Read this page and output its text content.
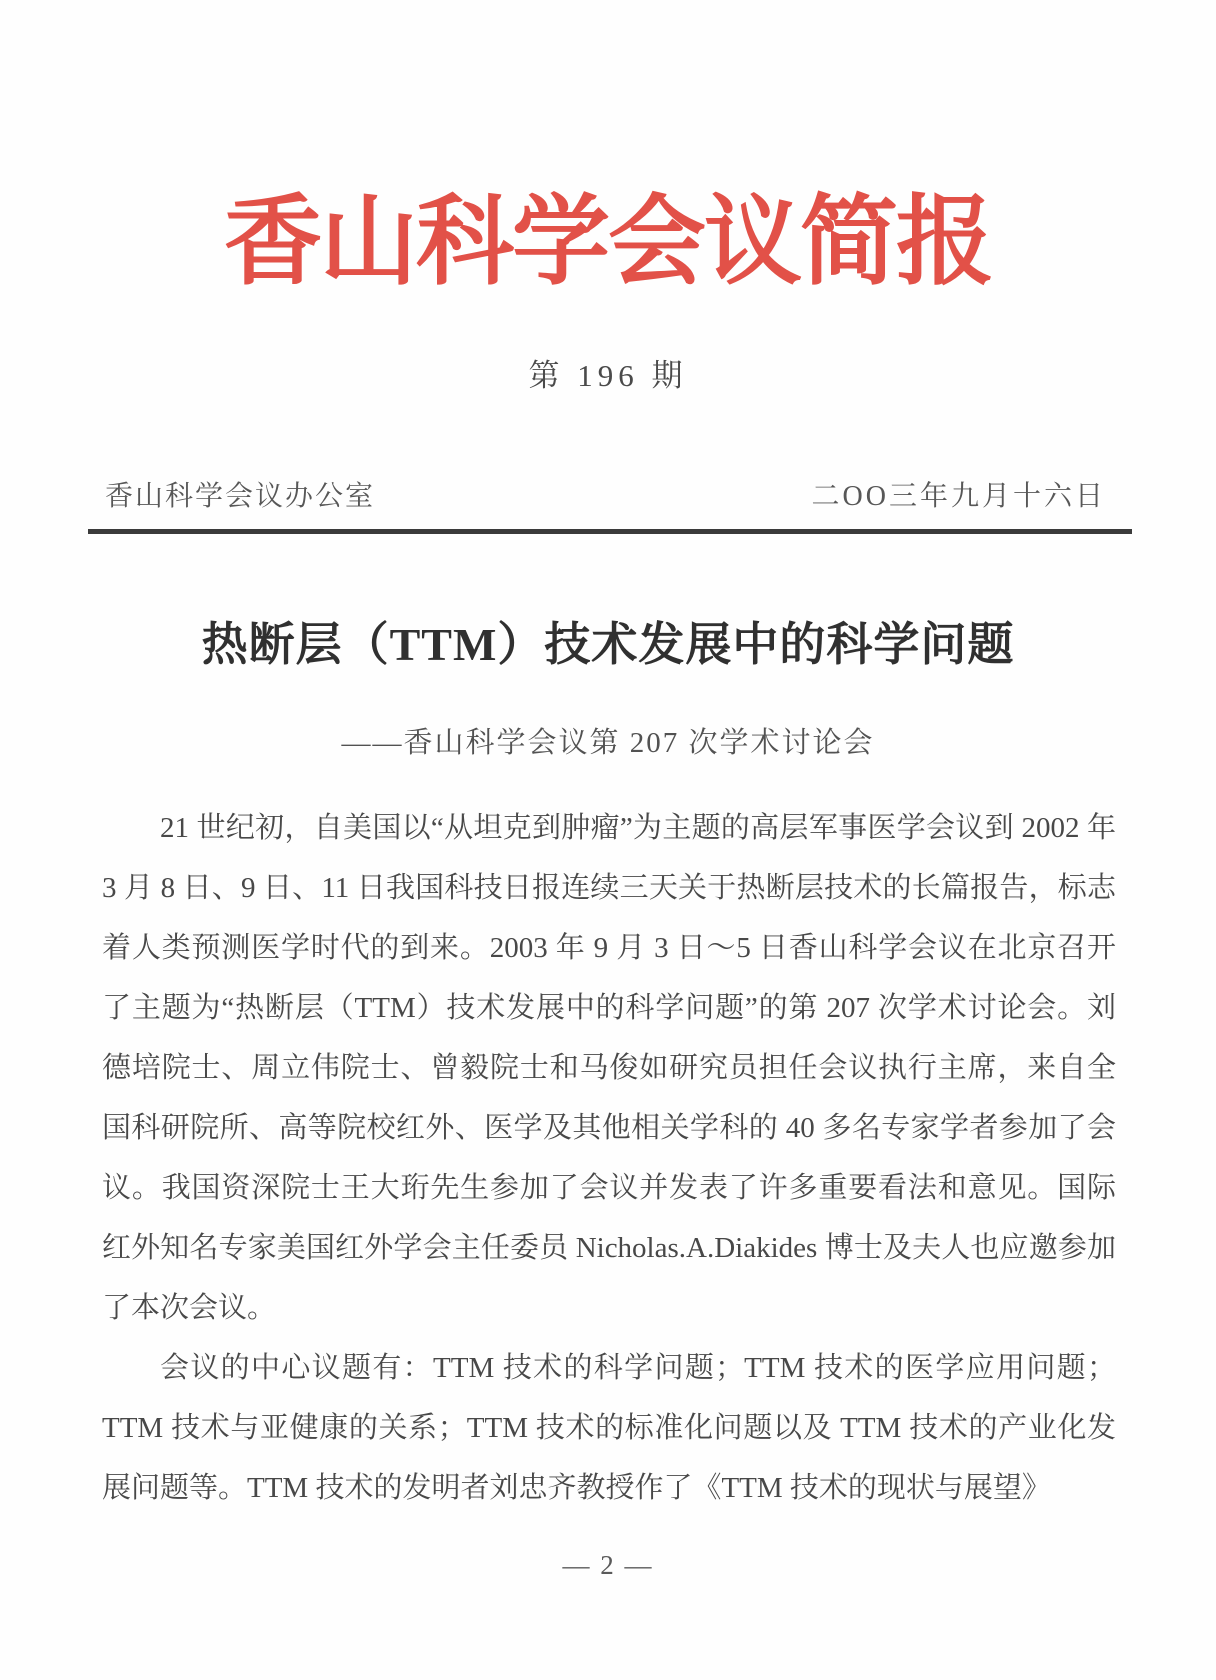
香山科学会议简报
第 196 期
香山科学会议办公室	二OO三年九月十六日
热断层（TTM）技术发展中的科学问题
——香山科学会议第 207 次学术讨论会

21 世纪初，自美国以“从坦克到肿瘤”为主题的高层军事医学会议到 2002 年 3 月 8 日、9 日、11 日我国科技日报连续三天关于热断层技术的长篇报告，标志着人类预测医学时代的到来。2003 年 9 月 3 日～5 日香山科学会议在北京召开了主题为“热断层（TTM）技术发展中的科学问题”的第 207 次学术讨论会。刘德培院士、周立伟院士、曾毅院士和马俊如研究员担任会议执行主席，来自全国科研院所、高等院校红外、医学及其他相关学科的 40 多名专家学者参加了会议。我国资深院士王大珩先生参加了会议并发表了许多重要看法和意见。国际红外知名专家美国红外学会主任委员 Nicholas.A.Diakides 博士及夫人也应邀参加了本次会议。

会议的中心议题有：TTM 技术的科学问题；TTM 技术的医学应用问题；TTM 技术与亚健康的关系；TTM 技术的标准化问题以及 TTM 技术的产业化发展问题等。TTM 技术的发明者刘忠齐教授作了《TTM 技术的现状与展望》

— 2 —
